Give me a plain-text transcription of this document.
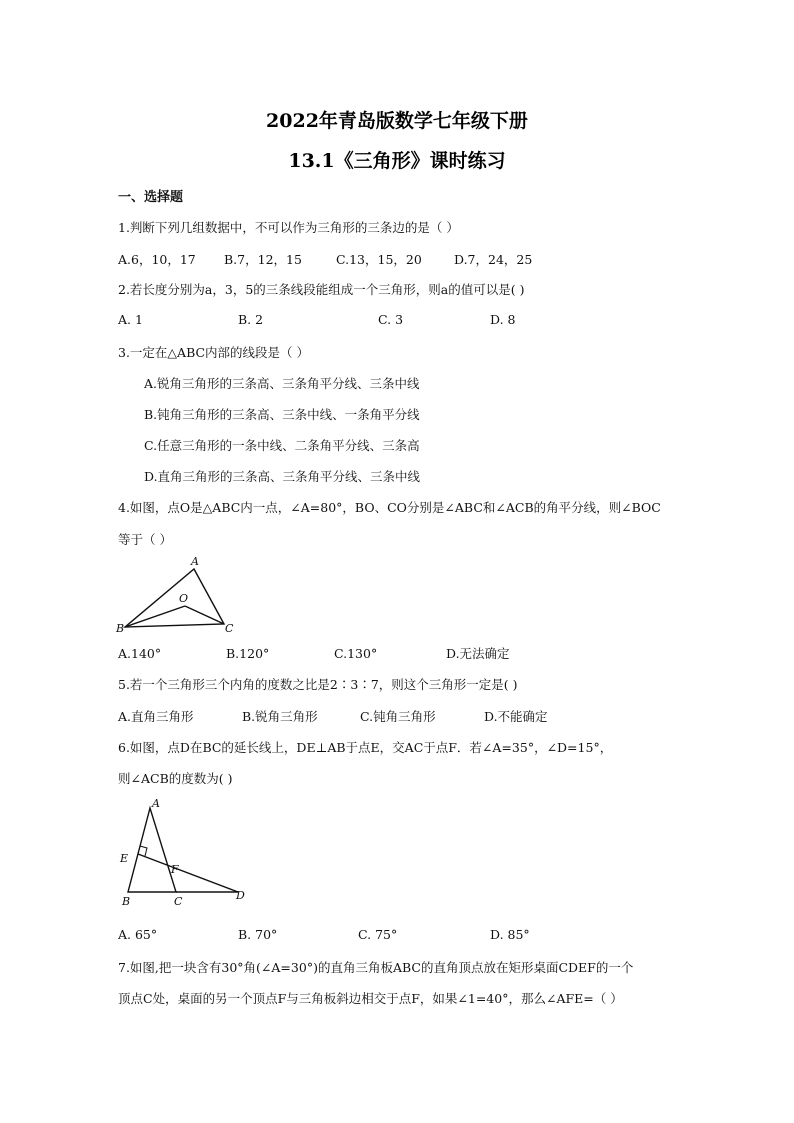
2022年青岛版数学七年级下册
13.1《三角形》课时练习
一、选择题
1.判断下列几组数据中，不可以作为三角形的三条边的是（ ）
A.6，10，17 B.7，12，15	C.13，15，20	D.7，24，25
2.若长度分别为a，3，5的三条线段能组成一个三角形，则a的值可以是( )
A. 1	B. 2	C. 3	D. 8
3.一定在△ABC内部的线段是（ ）
A.锐角三角形的三条高、三条角平分线、三条中线
B.钝角三角形的三条高、三条中线、一条角平分线
C.任意三角形的一条中线、二条角平分线、三条高
D.直角三角形的三条高、三条角平分线、三条中线
4.如图，点O是△ABC内一点，∠A=80°，BO、CO分别是∠ABC和∠ACB的角平分线，则∠BOC
等于（ ）
A
B	C
O
A.140°	B.120°	C.130°	D.无法确定
5.若一个三角形三个内角的度数之比是2∶3∶7，则这个三角形一定是( )
A.直角三角形	B.锐角三角形	C.钝角三角形	D.不能确定
6.如图，点D在BC的延长线上，DE⊥AB于点E，交AC于点F．若∠A=35°，∠D=15°，
则∠ACB的度数为( )
A
B	C	D
E
F
A. 65°	B. 70°	C. 75°	D. 85°
7.如图,把一块含有30°角(∠A=30°)的直角三角板ABC的直角顶点放在矩形桌面CDEF的一个
顶点C处，桌面的另一个顶点F与三角板斜边相交于点F，如果∠1=40°，那么∠AFE=（ ）
